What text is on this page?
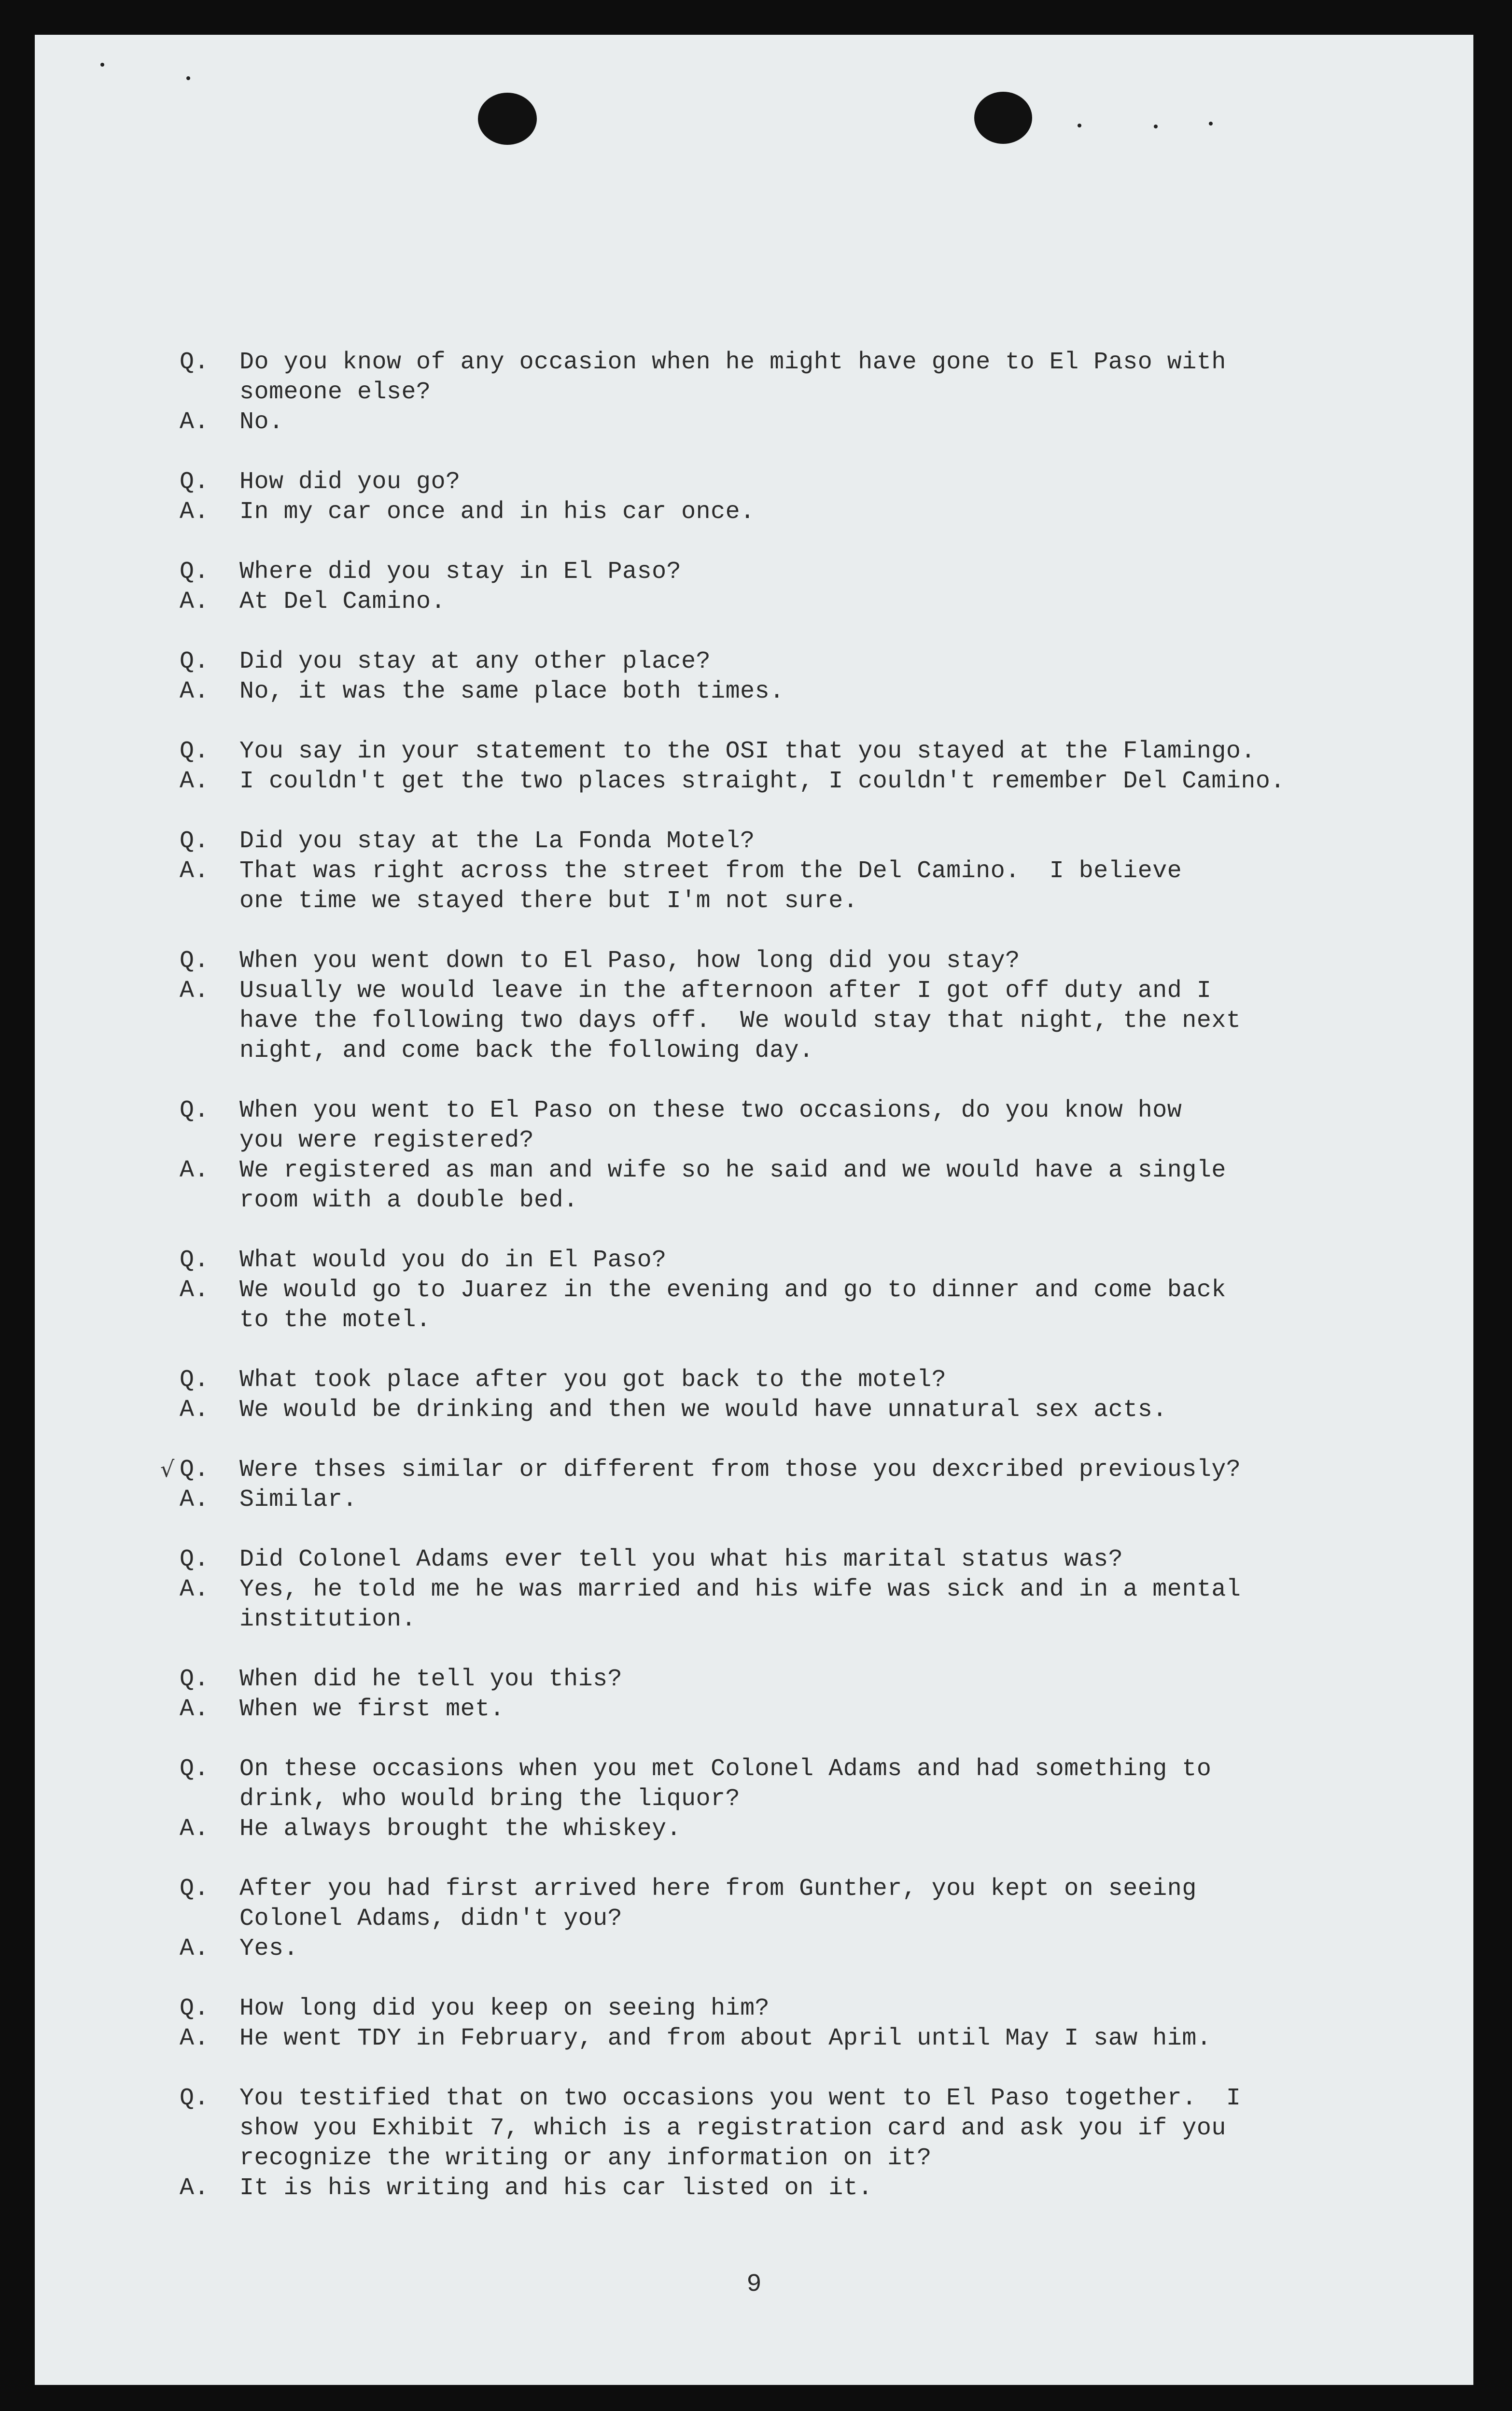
Q.	Do you know of any occasion when he might have gone to El Paso with
someone else?
A.	No.
Q.	How did you go?
A.	In my car once and in his car once.
Q.	Where did you stay in El Paso?
A.	At Del Camino.
Q.	Did you stay at any other place?
A.	No, it was the same place both times.
Q.	You say in your statement to the OSI that you stayed at the Flamingo.
A.	I couldn't get the two places straight, I couldn't remember Del Camino.
Q.	Did you stay at the La Fonda Motel?
A.	That was right across the street from the Del Camino.  I believe
one time we stayed there but I'm not sure.
Q.	When you went down to El Paso, how long did you stay?
A.	Usually we would leave in the afternoon after I got off duty and I
have the following two days off.  We would stay that night, the next
night, and come back the following day.
Q.	When you went to El Paso on these two occasions, do you know how
you were registered?
A.	We registered as man and wife so he said and we would have a single
room with a double bed.
Q.	What would you do in El Paso?
A.	We would go to Juarez in the evening and go to dinner and come back
to the motel.
Q.	What took place after you got back to the motel?
A.	We would be drinking and then we would have unnatural sex acts.
√ Q.	Were thses similar or different from those you dexcribed previously?
A.	Similar.
Q.	Did Colonel Adams ever tell you what his marital status was?
A.	Yes, he told me he was married and his wife was sick and in a mental
institution.
Q.	When did he tell you this?
A.	When we first met.
Q.	On these occasions when you met Colonel Adams and had something to
drink, who would bring the liquor?
A.	He always brought the whiskey.
Q.	After you had first arrived here from Gunther, you kept on seeing
Colonel Adams, didn't you?
A.	Yes.
Q.	How long did you keep on seeing him?
A.	He went TDY in February, and from about April until May I saw him.
Q.	You testified that on two occasions you went to El Paso together.  I
show you Exhibit 7, which is a registration card and ask you if you
recognize the writing or any information on it?
A.	It is his writing and his car listed on it.
9
